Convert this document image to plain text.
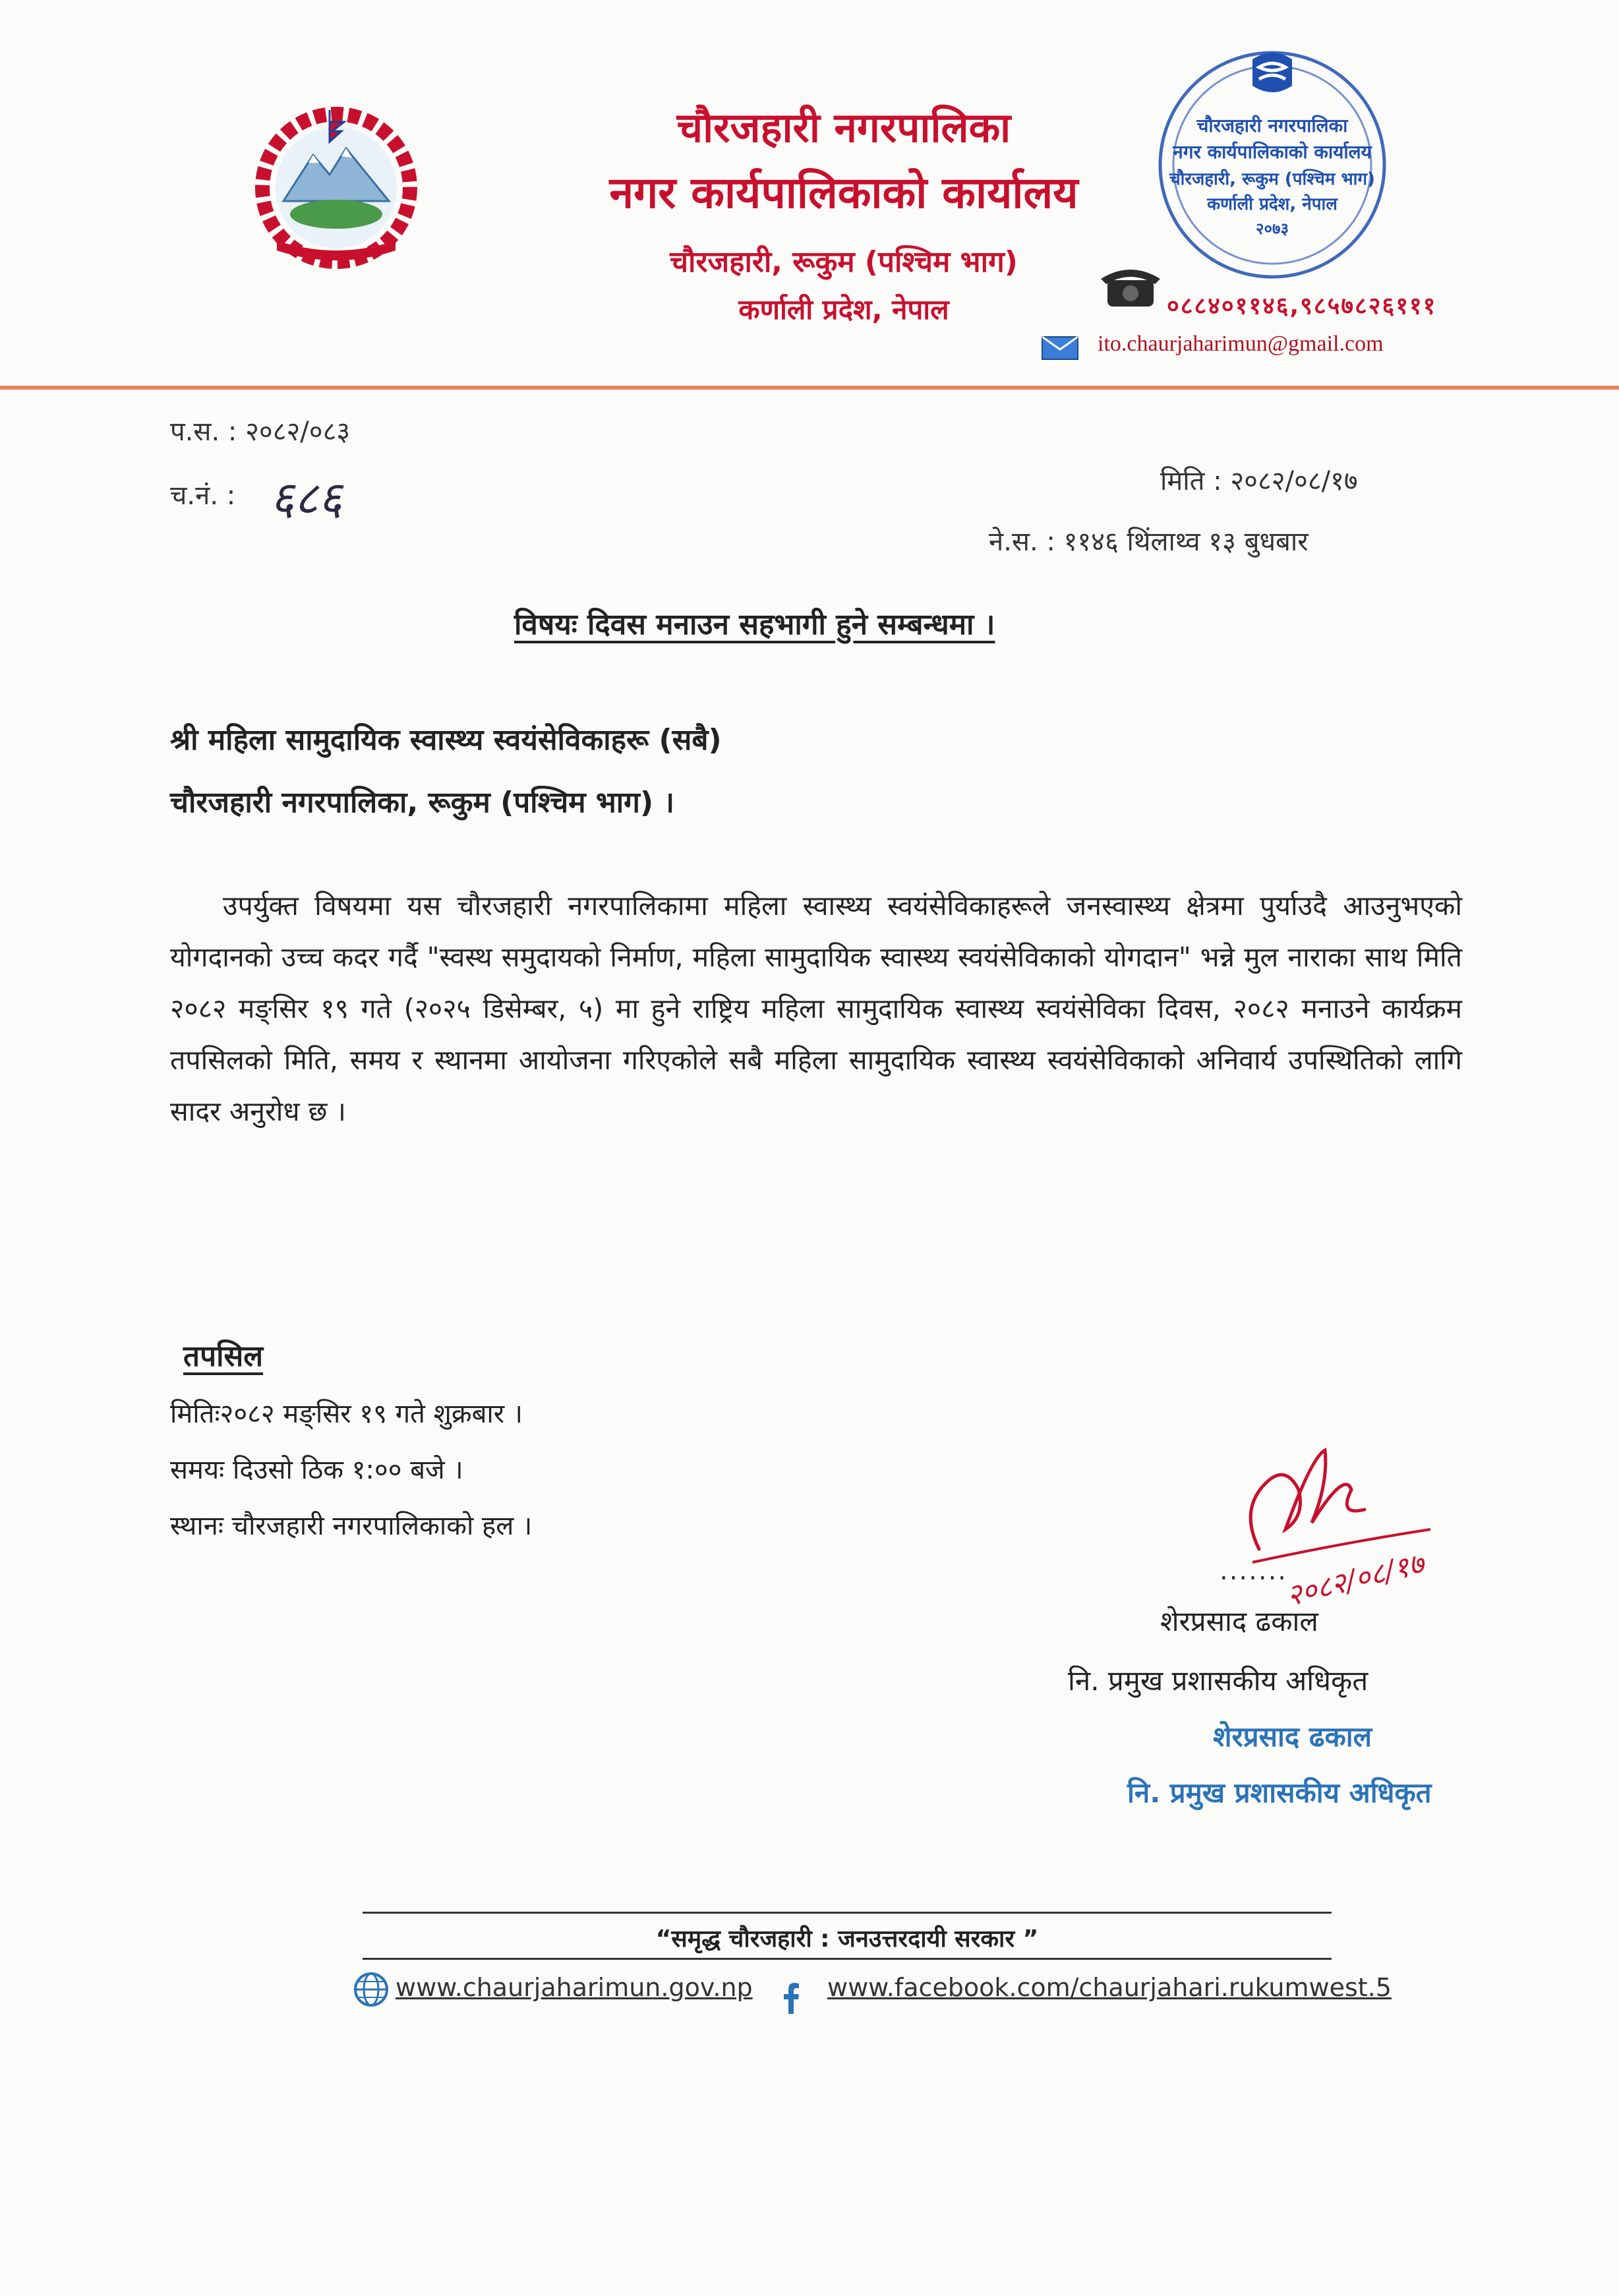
चौरजहारी नगरपालिका
नगर कार्यपालिकाको कार्यालय
चौरजहारी, रूकुम (पश्चिम भाग)
कर्णाली प्रदेश, नेपाल
चौरजहारी नगरपालिका
नगर कार्यपालिकाको कार्यालय
चौरजहारी, रूकुम (पश्चिम भाग)
कर्णाली प्रदेश, नेपाल
२०७३
०८८४०११४६,९८५७८२६१११
ito.chaurjaharimun@gmail.com
प.स. : २०८२/०८३
च.नं. : ६८६	मिति : २०८२/०८/१७
ने.स. : ११४६ थिंलाथ्व १३ बुधबार
विषयः दिवस मनाउन सहभागी हुने सम्बन्धमा ।
श्री महिला सामुदायिक स्वास्थ्य स्वयंसेविकाहरू (सबै)
चौरजहारी नगरपालिका, रूकुम (पश्चिम भाग) ।
उपर्युक्त विषयमा यस चौरजहारी नगरपालिकामा महिला स्वास्थ्य स्वयंसेविकाहरूले जनस्वास्थ्य क्षेत्रमा पुर्याउदै आउनुभएको योगदानको उच्च कदर गर्दै "स्वस्थ समुदायको निर्माण, महिला सामुदायिक स्वास्थ्य स्वयंसेविकाको योगदान" भन्ने मुल नाराका साथ मिति २०८२ मङ्सिर १९ गते (२०२५ डिसेम्बर, ५) मा हुने राष्ट्रिय महिला सामुदायिक स्वास्थ्य स्वयंसेविका दिवस, २०८२ मनाउने कार्यक्रम तपसिलको मिति, समय र स्थानमा आयोजना गरिएकोले सबै महिला सामुदायिक स्वास्थ्य स्वयंसेविकाको अनिवार्य उपस्थितिको लागि सादर अनुरोध छ ।
तपसिल
मितिः२०८२ मङ्सिर १९ गते शुक्रबार ।
समयः दिउसो ठिक १:०० बजे ।
स्थानः चौरजहारी नगरपालिकाको हल ।
२०८२/०८/१७
.......
शेरप्रसाद ढकाल
नि. प्रमुख प्रशासकीय अधिकृत
शेरप्रसाद ढकाल
नि. प्रमुख प्रशासकीय अधिकृत
“समृद्ध चौरजहारी : जनउत्तरदायी सरकार ”
www.chaurjaharimun.gov.np	www.facebook.com/chaurjahari.rukumwest.5
